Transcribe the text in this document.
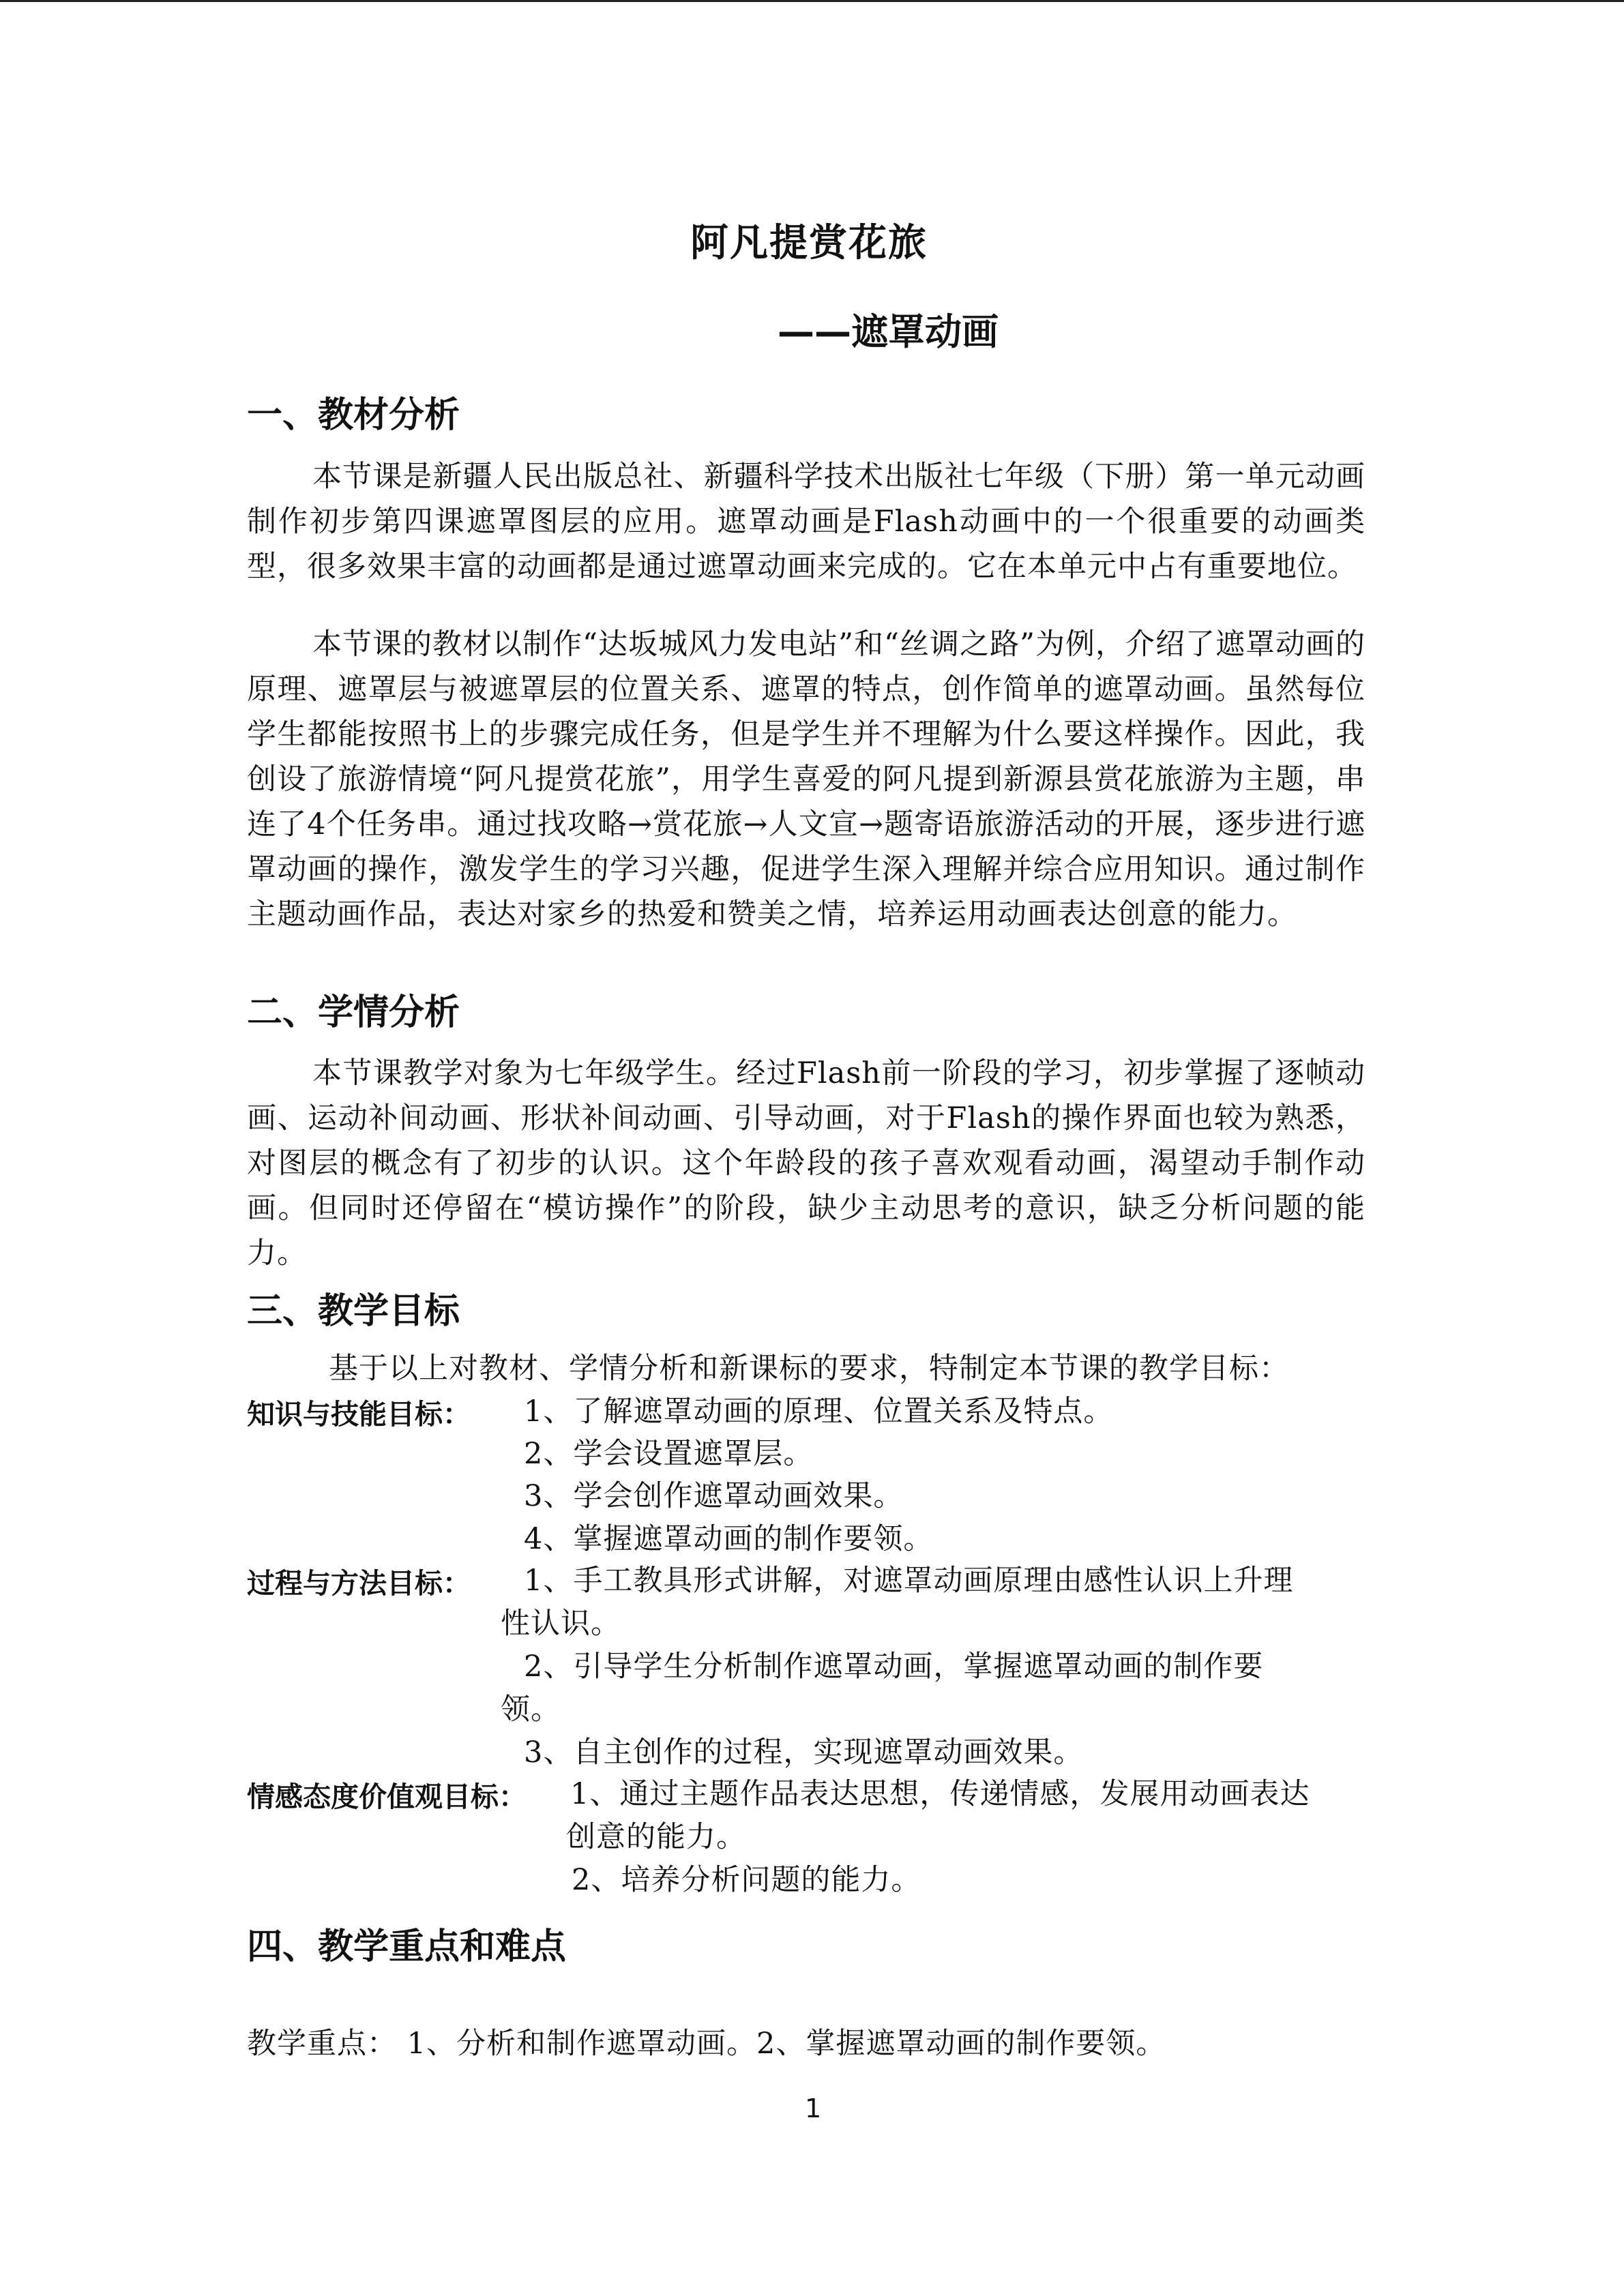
阿凡提赏花旅
——遮罩动画
一、教材分析

本节课是新疆人民出版总社、新疆科学技术出版社七年级（下册）第一单元动画制作初步第四课遮罩图层的应用。遮罩动画是Flash动画中的一个很重要的动画类型，很多效果丰富的动画都是通过遮罩动画来完成的。它在本单元中占有重要地位。

本节课的教材以制作“达坂城风力发电站”和“丝调之路”为例，介绍了遮罩动画的原理、遮罩层与被遮罩层的位置关系、遮罩的特点，创作简单的遮罩动画。虽然每位学生都能按照书上的步骤完成任务，但是学生并不理解为什么要这样操作。因此，我创设了旅游情境“阿凡提赏花旅”，用学生喜爱的阿凡提到新源县赏花旅游为主题，串连了4个任务串。通过找攻略→赏花旅→人文宣→题寄语旅游活动的开展，逐步进行遮罩动画的操作，激发学生的学习兴趣，促进学生深入理解并综合应用知识。通过制作主题动画作品，表达对家乡的热爱和赞美之情，培养运用动画表达创意的能力。

二、学情分析

本节课教学对象为七年级学生。经过Flash前一阶段的学习，初步掌握了逐帧动画、运动补间动画、形状补间动画、引导动画，对于Flash的操作界面也较为熟悉，对图层的概念有了初步的认识。这个年龄段的孩子喜欢观看动画，渴望动手制作动画。但同时还停留在“模访操作”的阶段，缺少主动思考的意识，缺乏分析问题的能力。

三、教学目标
基于以上对教材、学情分析和新课标的要求，特制定本节课的教学目标：
知识与技能目标： 1、了解遮罩动画的原理、位置关系及特点。
2、学会设置遮罩层。
3、学会创作遮罩动画效果。
4、掌握遮罩动画的制作要领。
过程与方法目标： 1、手工教具形式讲解，对遮罩动画原理由感性认识上升理
性认识。
2、引导学生分析制作遮罩动画，掌握遮罩动画的制作要
领。
3、自主创作的过程，实现遮罩动画效果。
情感态度价值观目标： 1、通过主题作品表达思想，传递情感，发展用动画表达
创意的能力。
2、培养分析问题的能力。
四、教学重点和难点
教学重点： 1、分析和制作遮罩动画。2、掌握遮罩动画的制作要领。
1
